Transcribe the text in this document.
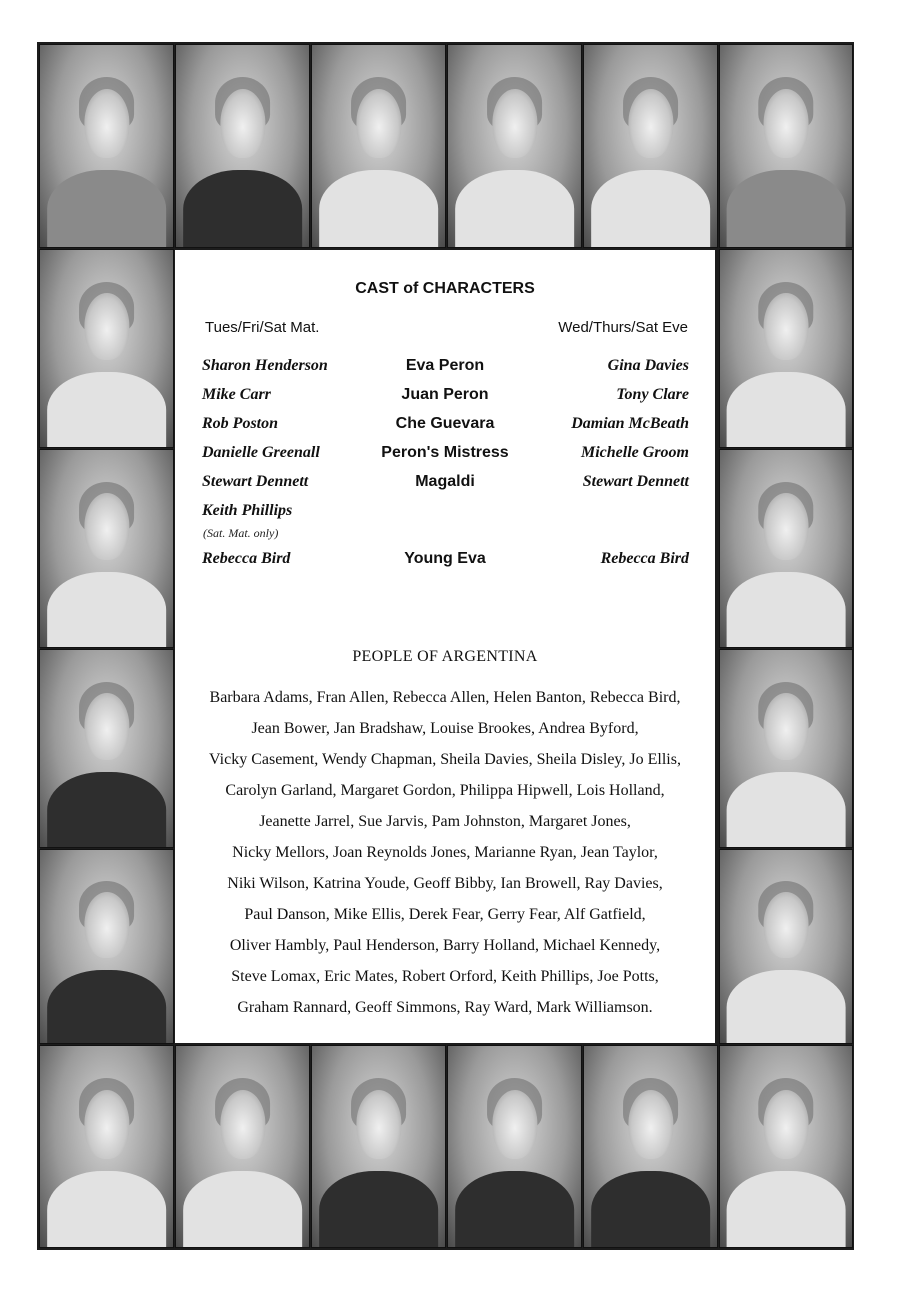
CAST of CHARACTERS
Tues/Fri/Sat Mat.	Wed/Thurs/Sat Eve
Sharon Henderson	Eva Peron	Gina Davies
Mike Carr	Juan Peron	Tony Clare
Rob Poston	Che Guevara	Damian McBeath
Danielle Greenall	Peron's Mistress	Michelle Groom
Stewart Dennett	Magaldi	Stewart Dennett
Keith Phillips
(Sat. Mat. only)
Rebecca Bird	Young Eva	Rebecca Bird
PEOPLE OF ARGENTINA
Barbara Adams, Fran Allen, Rebecca Allen, Helen Banton, Rebecca Bird,
Jean Bower, Jan Bradshaw, Louise Brookes, Andrea Byford,
Vicky Casement, Wendy Chapman, Sheila Davies, Sheila Disley, Jo Ellis,
Carolyn Garland, Margaret Gordon, Philippa Hipwell, Lois Holland,
Jeanette Jarrel, Sue Jarvis, Pam Johnston, Margaret Jones,
Nicky Mellors, Joan Reynolds Jones, Marianne Ryan, Jean Taylor,
Niki Wilson, Katrina Youde, Geoff Bibby, Ian Browell, Ray Davies,
Paul Danson, Mike Ellis, Derek Fear, Gerry Fear, Alf Gatfield,
Oliver Hambly, Paul Henderson, Barry Holland, Michael Kennedy,
Steve Lomax, Eric Mates, Robert Orford, Keith Phillips, Joe Potts,
Graham Rannard, Geoff Simmons, Ray Ward, Mark Williamson.
